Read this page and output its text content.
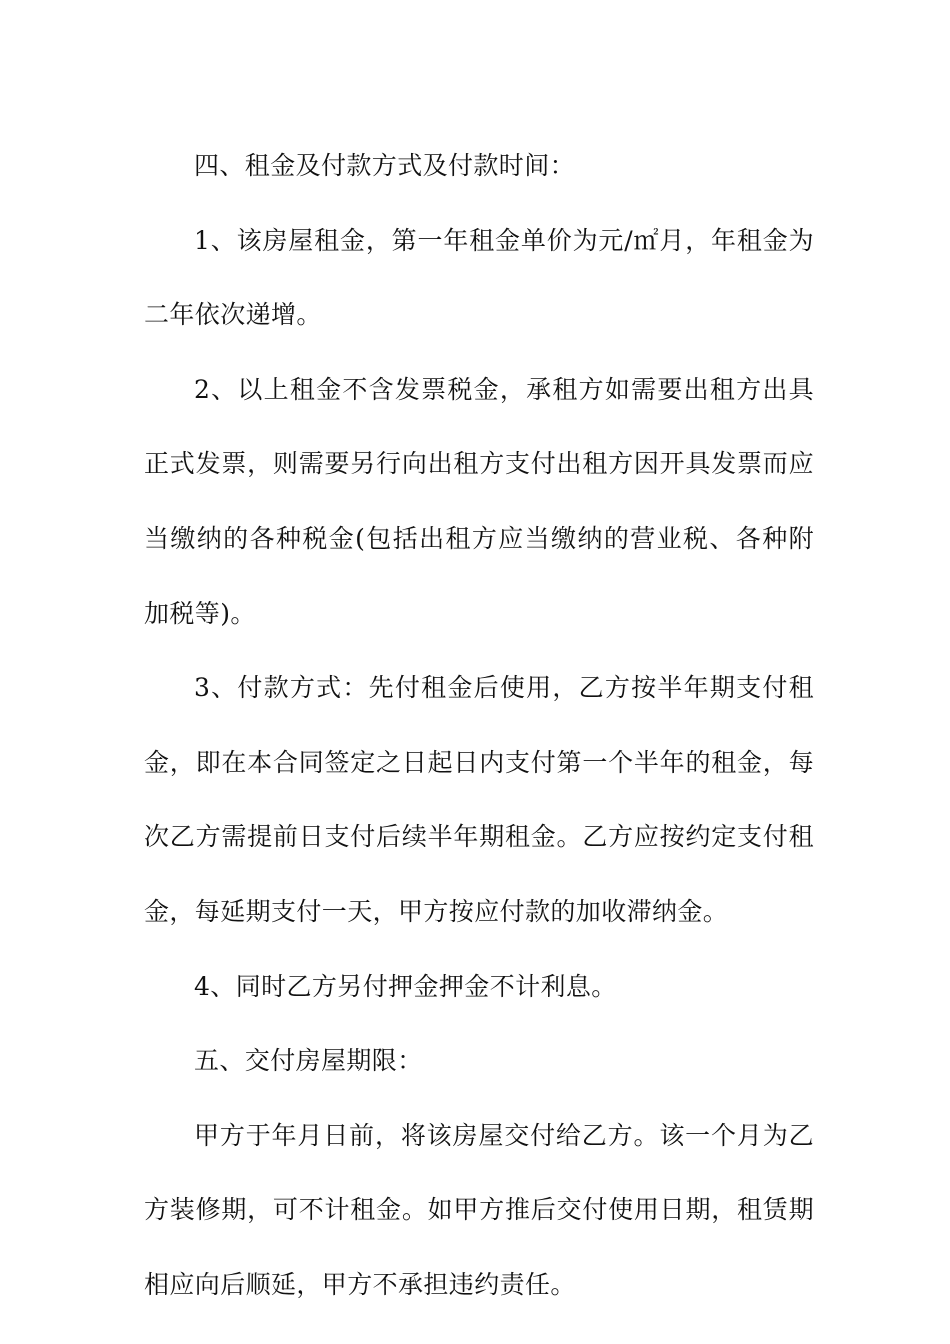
四、租金及付款方式及付款时间：

1、该房屋租金，第一年租金单价为元/㎡月，年租金为二年依次递增。

2、以上租金不含发票税金，承租方如需要出租方出具正式发票，则需要另行向出租方支付出租方因开具发票而应当缴纳的各种税金(包括出租方应当缴纳的营业税、各种附加税等)。

3、付款方式：先付租金后使用，乙方按半年期支付租金，即在本合同签定之日起日内支付第一个半年的租金，每次乙方需提前日支付后续半年期租金。乙方应按约定支付租金，每延期支付一天，甲方按应付款的加收滞纳金。

4、同时乙方另付押金押金不计利息。

五、交付房屋期限：

甲方于年月日前，将该房屋交付给乙方。该一个月为乙方装修期，可不计租金。如甲方推后交付使用日期，租赁期相应向后顺延，甲方不承担违约责任。
